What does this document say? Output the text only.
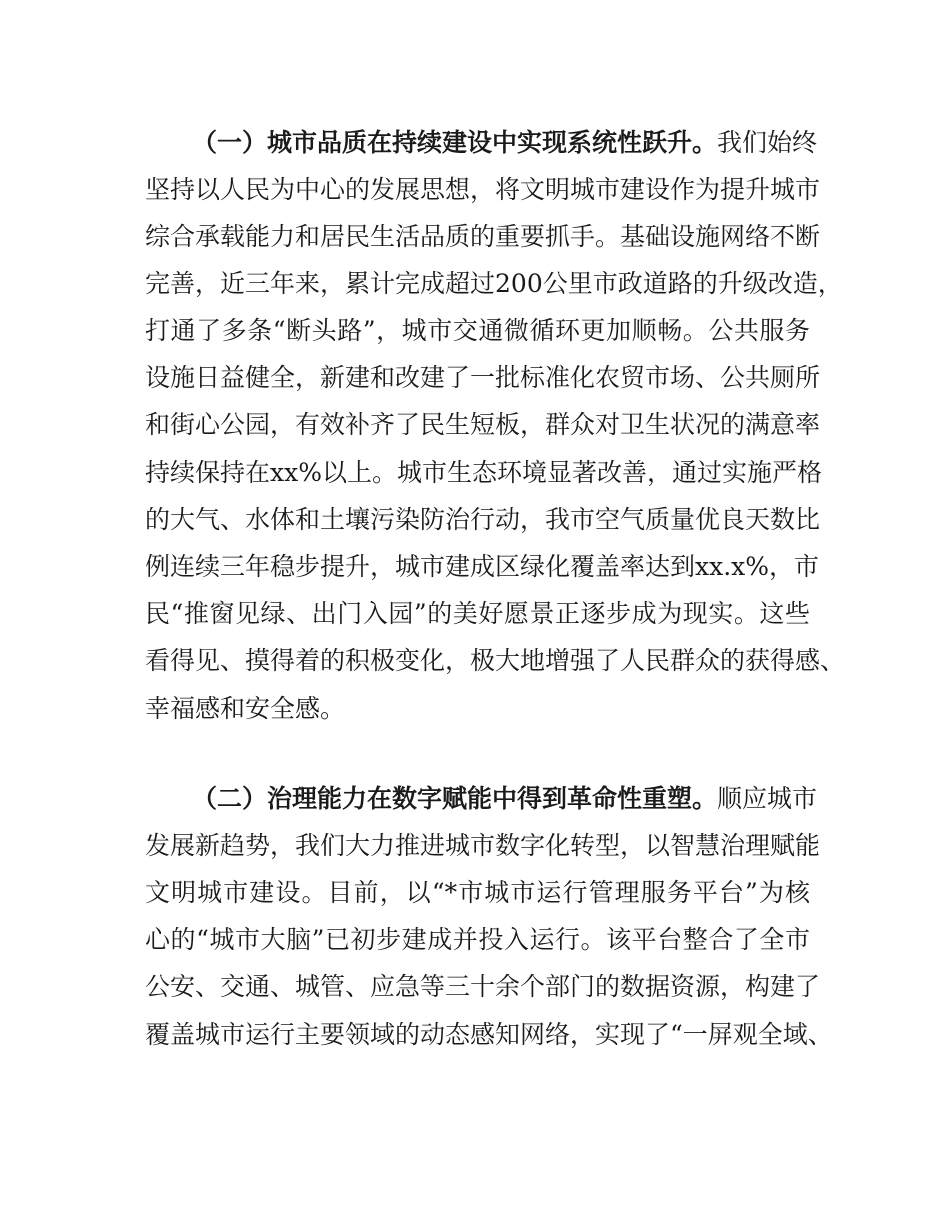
（一）城市品质在持续建设中实现系统性跃升。我们始终
坚持以人民为中心的发展思想，将文明城市建设作为提升城市
综合承载能力和居民生活品质的重要抓手。基础设施网络不断
完善，近三年来，累计完成超过200公里市政道路的升级改造，
打通了多条“断头路”，城市交通微循环更加顺畅。公共服务
设施日益健全，新建和改建了一批标准化农贸市场、公共厕所
和街心公园，有效补齐了民生短板，群众对卫生状况的满意率
持续保持在xx%以上。城市生态环境显著改善，通过实施严格
的大气、水体和土壤污染防治行动，我市空气质量优良天数比
例连续三年稳步提升，城市建成区绿化覆盖率达到xx.x%，市
民“推窗见绿、出门入园”的美好愿景正逐步成为现实。这些
看得见、摸得着的积极变化，极大地增强了人民群众的获得感、
幸福感和安全感。
（二）治理能力在数字赋能中得到革命性重塑。顺应城市
发展新趋势，我们大力推进城市数字化转型，以智慧治理赋能
文明城市建设。目前，以“*市城市运行管理服务平台”为核
心的“城市大脑”已初步建成并投入运行。该平台整合了全市
公安、交通、城管、应急等三十余个部门的数据资源，构建了
覆盖城市运行主要领域的动态感知网络，实现了“一屏观全域、
